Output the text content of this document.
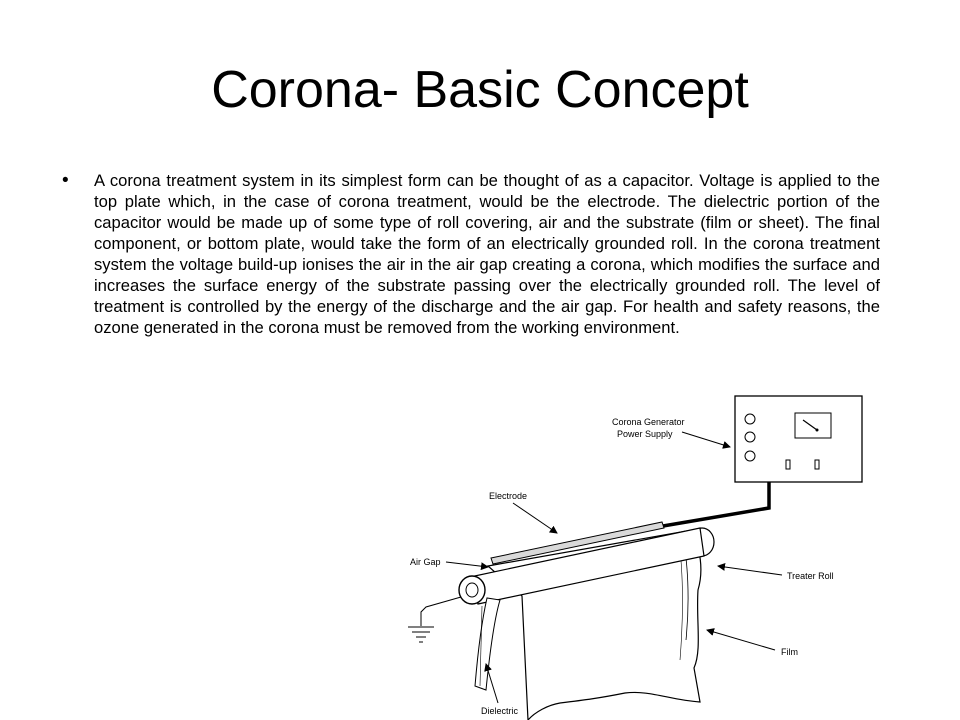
Corona- Basic Concept
• A corona treatment system in its simplest form can be thought of as a capacitor. Voltage is applied to the top plate which, in the case of corona treatment, would be the electrode. The dielectric portion of the capacitor would be made up of some type of roll covering, air and the substrate (film or sheet). The final component, or bottom plate, would take the form of an electrically grounded roll. In the corona treatment system the voltage build-up ionises the air in the air gap creating a corona, which modifies the surface and increases the surface energy of the substrate passing over the electrically grounded roll. The level of treatment is controlled by the energy of the discharge and the air gap. For health and safety reasons, the ozone generated in the corona must be removed from the working environment.
Corona Generator
Power Supply
Electrode
Air Gap
Treater Roll
Film
Dielectric
